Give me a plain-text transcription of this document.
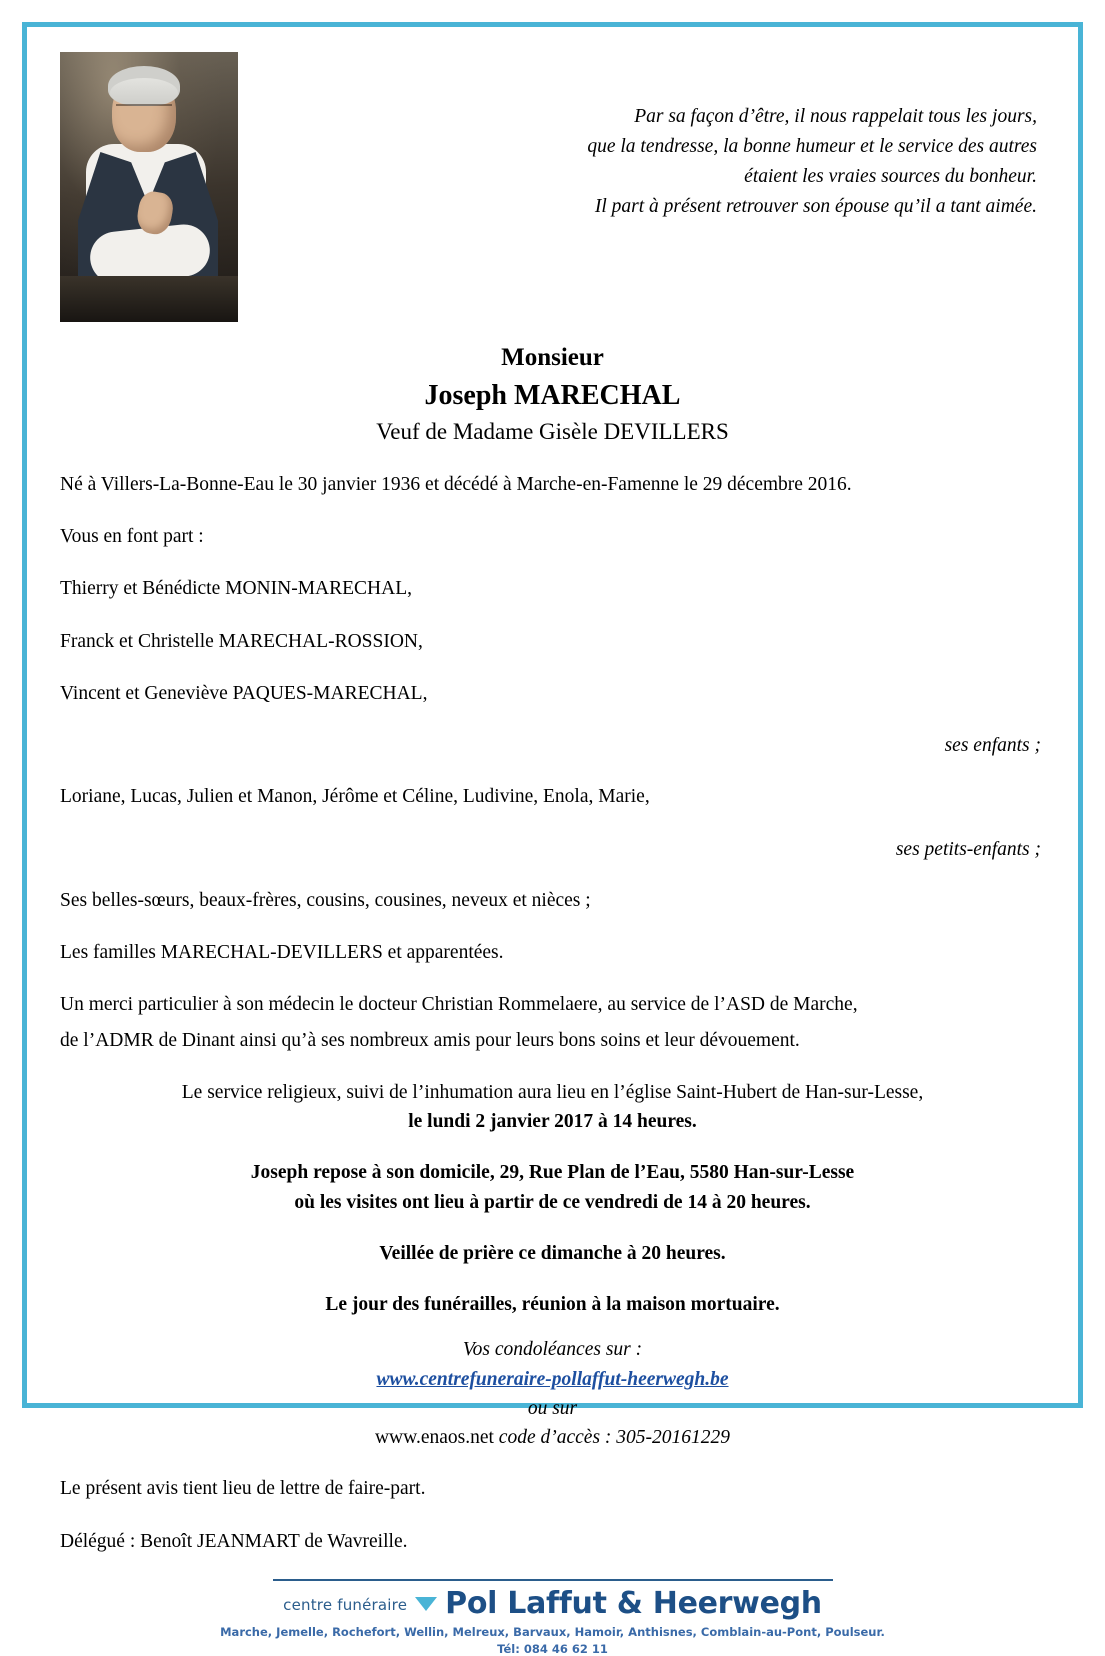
Par sa façon d’être, il nous rappelait tous les jours,
que la tendresse, la bonne humeur et le service des autres
étaient les vraies sources du bonheur.
Il part à présent retrouver son épouse qu’il a tant aimée.
Monsieur
Joseph MARECHAL
Veuf de Madame Gisèle DEVILLERS

Né à Villers-La-Bonne-Eau le 30 janvier 1936 et décédé à Marche-en-Famenne le 29 décembre 2016.

Vous en font part :

Thierry et Bénédicte MONIN-MARECHAL,

Franck et Christelle MARECHAL-ROSSION,

Vincent et Geneviève PAQUES-MARECHAL,

ses enfants ;

Loriane, Lucas, Julien et Manon, Jérôme et Céline, Ludivine, Enola, Marie,

ses petits-enfants ;

Ses belles-sœurs, beaux-frères, cousins, cousines, neveux et nièces ;

Les familles MARECHAL-DEVILLERS et apparentées.

Un merci particulier à son médecin le docteur Christian Rommelaere, au service de l’ASD de Marche,

de l’ADMR de Dinant ainsi qu’à ses nombreux amis pour leurs bons soins et leur dévouement.

Le service religieux, suivi de l’inhumation aura lieu en l’église Saint-Hubert de Han-sur-Lesse,
le lundi 2 janvier 2017 à 14 heures.
Joseph repose à son domicile, 29, Rue Plan de l’Eau, 5580 Han-sur-Lesse
où les visites ont lieu à partir de ce vendredi de 14 à 20 heures.
Veillée de prière ce dimanche à 20 heures.
Le jour des funérailles, réunion à la maison mortuaire.
Vos condoléances sur :
www.centrefuneraire-pollaffut-heerwegh.be
ou sur
www.enaos.net code d’accès : 305-20161229

Le présent avis tient lieu de lettre de faire-part.

Délégué : Benoît JEANMART de Wavreille.

centre funéraire Pol Laffut & Heerwegh
Marche, Jemelle, Rochefort, Wellin, Melreux, Barvaux, Hamoir, Anthisnes, Comblain-au-Pont, Poulseur.
Tél: 084 46 62 11
